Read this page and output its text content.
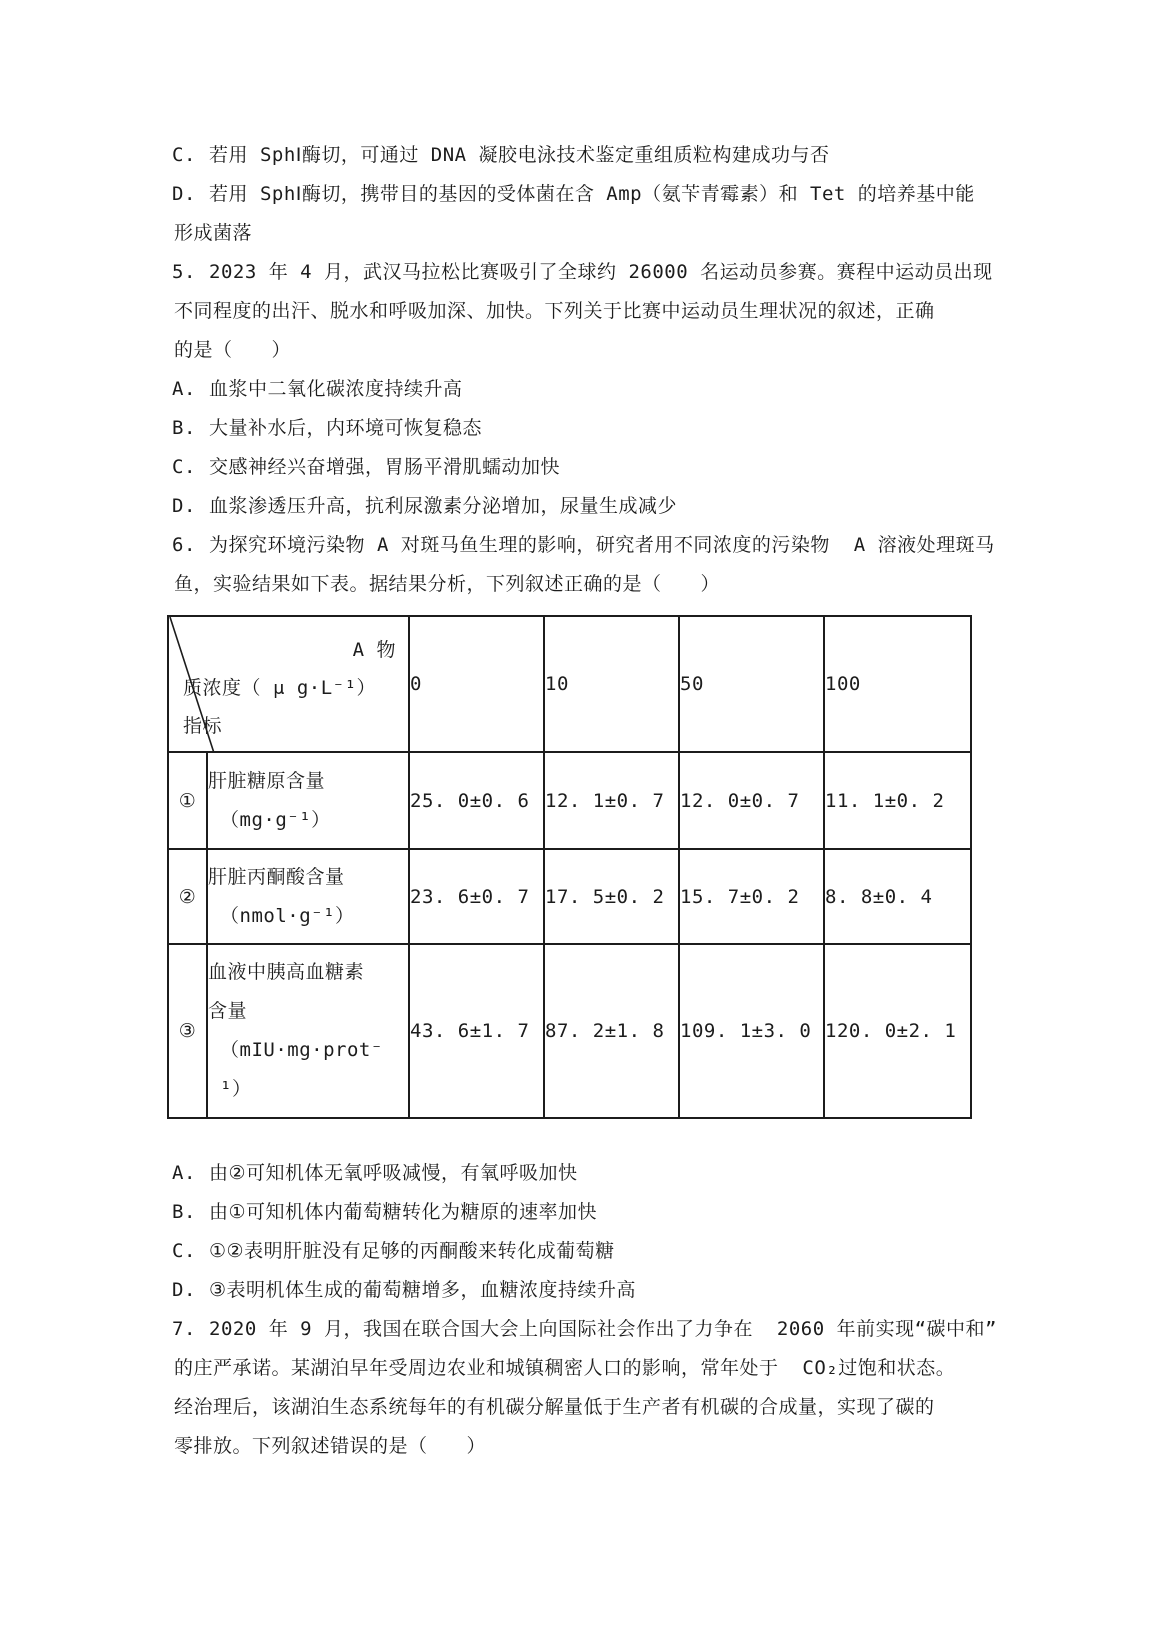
C. 若用 SphⅠ酶切，可通过 DNA 凝胶电泳技术鉴定重组质粒构建成功与否
D. 若用 SphⅠ酶切，携带目的基因的受体菌在含 Amp（氨苄青霉素）和 Tet 的培养基中能
形成菌落
5. 2023 年 4 月，武汉马拉松比赛吸引了全球约 26000 名运动员参赛。赛程中运动员出现
不同程度的出汗、脱水和呼吸加深、加快。下列关于比赛中运动员生理状况的叙述，正确
的是（　　）
A. 血浆中二氧化碳浓度持续升高
B. 大量补水后，内环境可恢复稳态
C. 交感神经兴奋增强，胃肠平滑肌蠕动加快
D. 血浆渗透压升高，抗利尿激素分泌增加，尿量生成减少
6. 为探究环境污染物 A 对斑马鱼生理的影响，研究者用不同浓度的污染物  A 溶液处理斑马
鱼，实验结果如下表。据结果分析，下列叙述正确的是（　　）
A 物
质浓度（ μ g·L⁻¹）
指标		0	10	50	100
①	肝脏糖原含量
（mg·g⁻¹）	25. 0±0. 6	12. 1±0. 7	12. 0±0. 7	11. 1±0. 2
②	肝脏丙酮酸含量
（nmol·g⁻¹）	23. 6±0. 7	17. 5±0. 2	15. 7±0. 2	8. 8±0. 4
③	血液中胰高血糖素含量
（mIU·mg·prot⁻¹）	43. 6±1. 7	87. 2±1. 8	109. 1±3. 0	120. 0±2. 1
A. 由②可知机体无氧呼吸减慢，有氧呼吸加快
B. 由①可知机体内葡萄糖转化为糖原的速率加快
C. ①②表明肝脏没有足够的丙酮酸来转化成葡萄糖
D. ③表明机体生成的葡萄糖增多，血糖浓度持续升高
7. 2020 年 9 月，我国在联合国大会上向国际社会作出了力争在  2060 年前实现“碳中和”
的庄严承诺。某湖泊早年受周边农业和城镇稠密人口的影响，常年处于  CO₂过饱和状态。
经治理后，该湖泊生态系统每年的有机碳分解量低于生产者有机碳的合成量，实现了碳的
零排放。下列叙述错误的是（　　）
